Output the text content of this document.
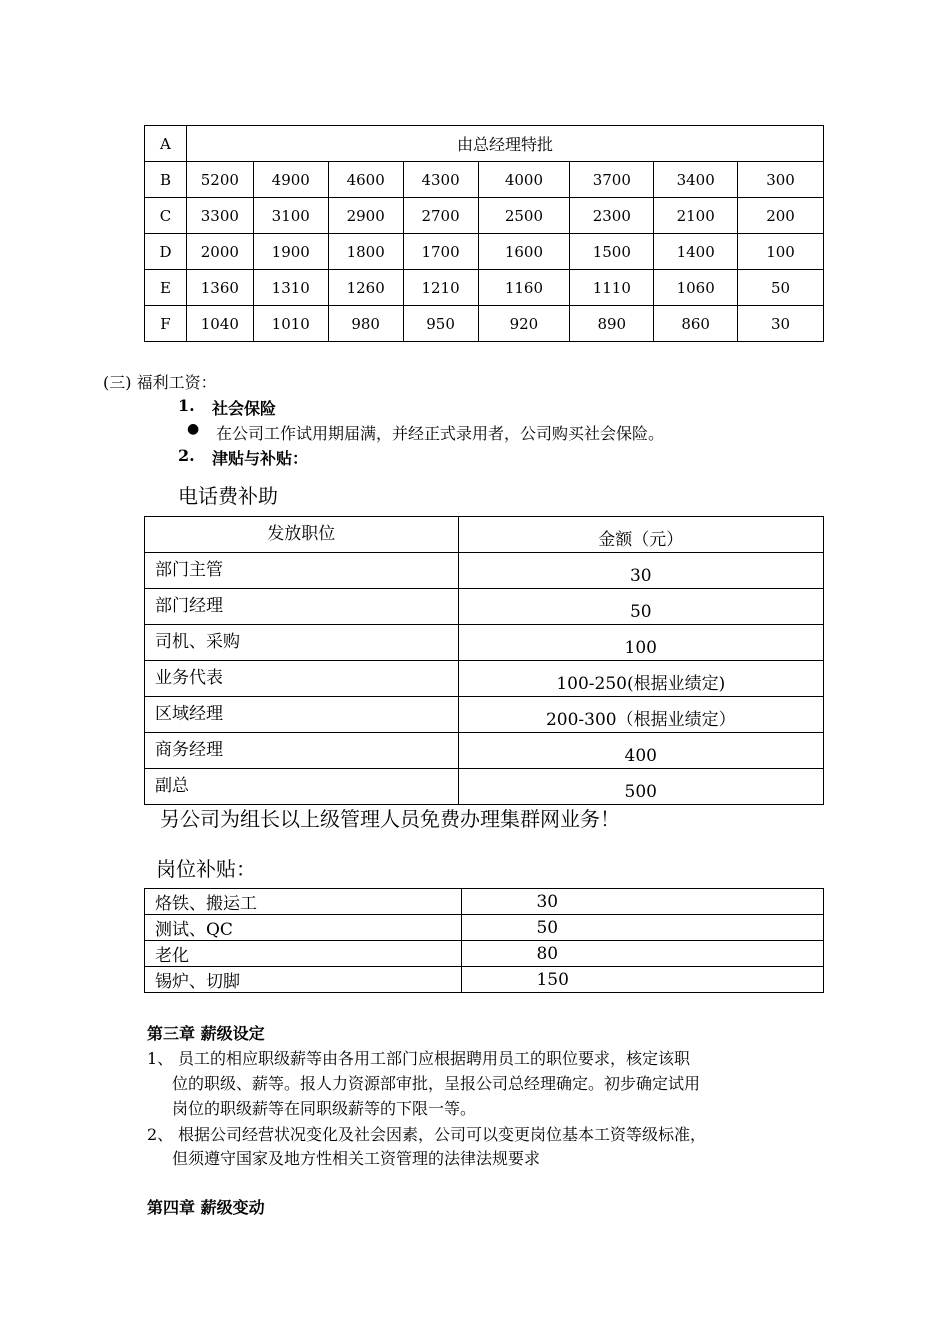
A	由总经理特批							
B	5200	4900	4600	4300	4000	3700	3400	300
C	3300	3100	2900	2700	2500	2300	2100	200
D	2000	1900	1800	1700	1600	1500	1400	100
E	1360	1310	1260	1210	1160	1110	1060	50
F	1040	1010	980	950	920	890	860	30
(三) 福利工资：
1. 社会保险
● 在公司工作试用期届满，并经正式录用者，公司购买社会保险。
2. 津贴与补贴：
电话费补助
发放职位	金额（元）
部门主管	30
部门经理	50
司机、采购	100
业务代表	100-250(根据业绩定)
区域经理	200-300（根据业绩定）
商务经理	400
副总	500
另公司为组长以上级管理人员免费办理集群网业务！
岗位补贴：
烙铁、搬运工	30
测试、QC	50
老化	80
锡炉、切脚	150
第三章 薪级设定
1、 员工的相应职级薪等由各用工部门应根据聘用员工的职位要求，核定该职
位的职级、薪等。报人力资源部审批，呈报公司总经理确定。初步确定试用
岗位的职级薪等在同职级薪等的下限一等。
2、 根据公司经营状况变化及社会因素，公司可以变更岗位基本工资等级标准，
但须遵守国家及地方性相关工资管理的法律法规要求
第四章 薪级变动
